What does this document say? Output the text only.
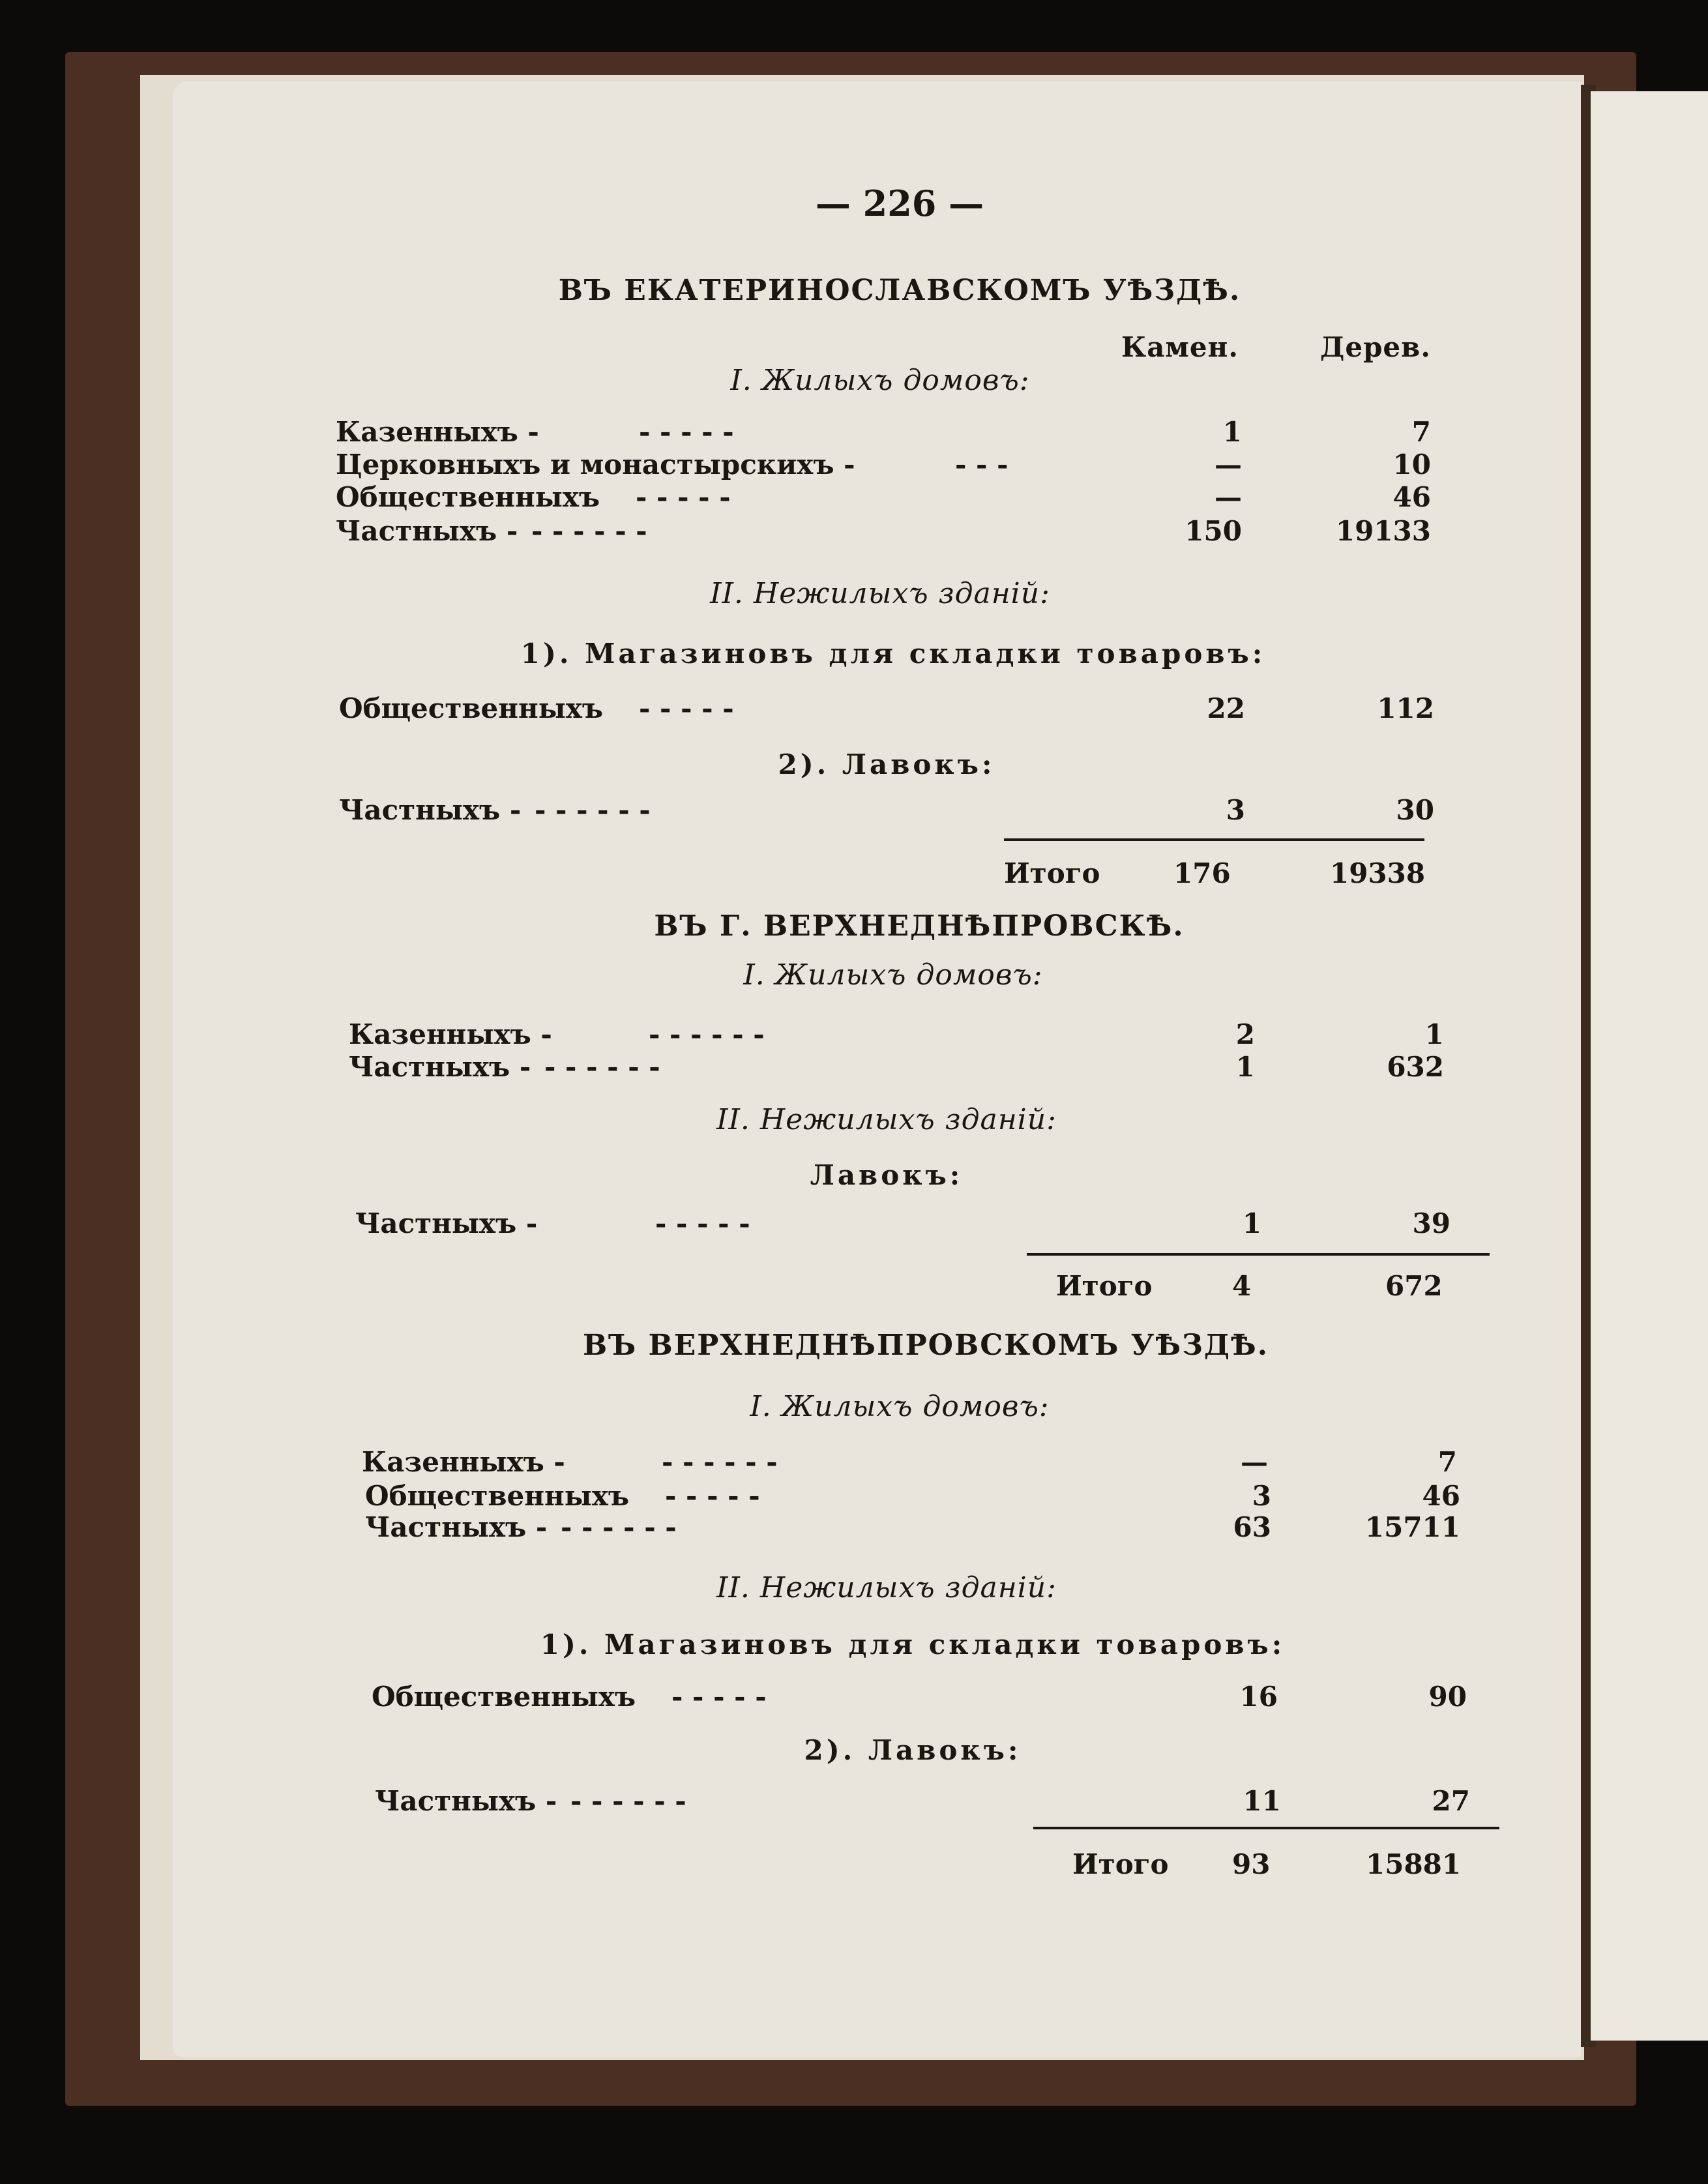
— 226 —
ВЪ ЕКАТЕРИНОСЛАВСКОМЪ УѢЗДѢ.
Камен.	Дерев.
I. Жилыхъ домовъ:
Казенныхъ -	- - - - -	1	7
Церковныхъ и монастырскихъ -	- - -	—	10
Общественныхъ - - - - -	—	46
Частныхъ - - - - - - -	150	19133
II. Нежилыхъ зданій:
1). Магазиновъ для складки товаровъ:
Общественныхъ - - - - -	22	112
2). Лавокъ:
Частныхъ - - - - - - -	3	30
Итого	176	19338
ВЪ Г. ВЕРХНЕДНѢПРОВСКѢ.
I. Жилыхъ домовъ:
Казенныхъ -	- - - - - -	2	1
Частныхъ - - - - - - -	1	632
II. Нежилыхъ зданій:
Лавокъ:
Частныхъ -	- - - - -	1	39
Итого	4	672
ВЪ ВЕРХНЕДНѢПРОВСКОМЪ УѢЗДѢ.
I. Жилыхъ домовъ:
Казенныхъ -	- - - - - -	—	7
Общественныхъ - - - - -	3	46
Частныхъ - - - - - - -	63	15711
II. Нежилыхъ зданій:
1). Магазиновъ для складки товаровъ:
Общественныхъ - - - - -	16	90
2). Лавокъ:
Частныхъ - - - - - - -	11	27
Итого 93	15881
